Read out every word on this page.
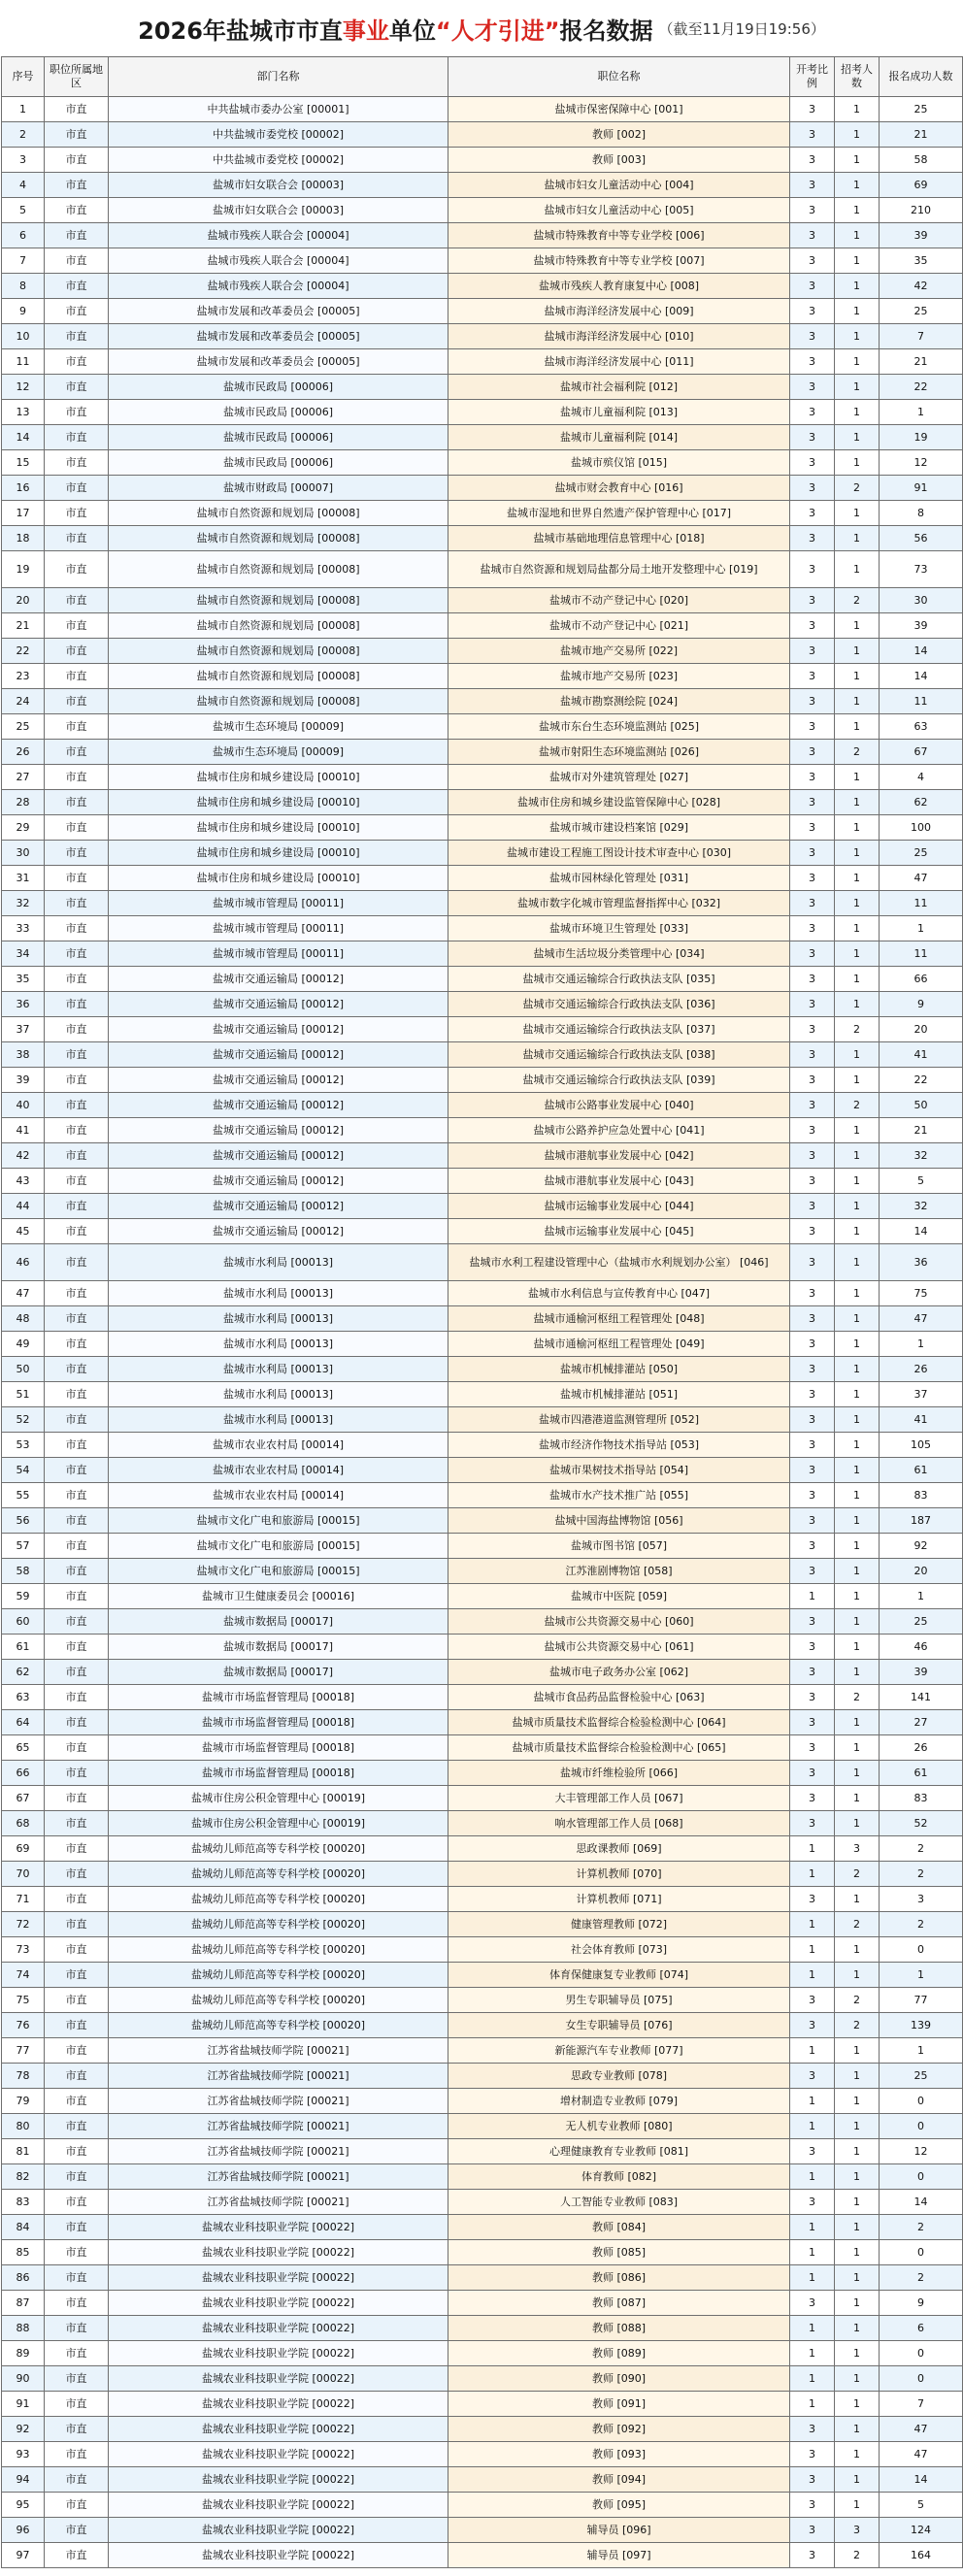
2026年盐城市市直 事业 单位 “人才引进” 报名数据 （截至11月19日19:56）
序号	职位所属地区	部门名称	职位名称	开考比例	招考人数	报名成功人数
1	市直	中共盐城市委办公室 [00001]	盐城市保密保障中心 [001]	3	1	25
2	市直	中共盐城市委党校 [00002]	教师 [002]	3	1	21
3	市直	中共盐城市委党校 [00002]	教师 [003]	3	1	58
4	市直	盐城市妇女联合会 [00003]	盐城市妇女儿童活动中心 [004]	3	1	69
5	市直	盐城市妇女联合会 [00003]	盐城市妇女儿童活动中心 [005]	3	1	210
6	市直	盐城市残疾人联合会 [00004]	盐城市特殊教育中等专业学校 [006]	3	1	39
7	市直	盐城市残疾人联合会 [00004]	盐城市特殊教育中等专业学校 [007]	3	1	35
8	市直	盐城市残疾人联合会 [00004]	盐城市残疾人教育康复中心 [008]	3	1	42
9	市直	盐城市发展和改革委员会 [00005]	盐城市海洋经济发展中心 [009]	3	1	25
10	市直	盐城市发展和改革委员会 [00005]	盐城市海洋经济发展中心 [010]	3	1	7
11	市直	盐城市发展和改革委员会 [00005]	盐城市海洋经济发展中心 [011]	3	1	21
12	市直	盐城市民政局 [00006]	盐城市社会福利院 [012]	3	1	22
13	市直	盐城市民政局 [00006]	盐城市儿童福利院 [013]	3	1	1
14	市直	盐城市民政局 [00006]	盐城市儿童福利院 [014]	3	1	19
15	市直	盐城市民政局 [00006]	盐城市殡仪馆 [015]	3	1	12
16	市直	盐城市财政局 [00007]	盐城市财会教育中心 [016]	3	2	91
17	市直	盐城市自然资源和规划局 [00008]	盐城市湿地和世界自然遗产保护管理中心 [017]	3	1	8
18	市直	盐城市自然资源和规划局 [00008]	盐城市基础地理信息管理中心 [018]	3	1	56
19	市直	盐城市自然资源和规划局 [00008]	盐城市自然资源和规划局盐都分局土地开发整理中心 [019]	3	1	73
20	市直	盐城市自然资源和规划局 [00008]	盐城市不动产登记中心 [020]	3	2	30
21	市直	盐城市自然资源和规划局 [00008]	盐城市不动产登记中心 [021]	3	1	39
22	市直	盐城市自然资源和规划局 [00008]	盐城市地产交易所 [022]	3	1	14
23	市直	盐城市自然资源和规划局 [00008]	盐城市地产交易所 [023]	3	1	14
24	市直	盐城市自然资源和规划局 [00008]	盐城市勘察测绘院 [024]	3	1	11
25	市直	盐城市生态环境局 [00009]	盐城市东台生态环境监测站 [025]	3	1	63
26	市直	盐城市生态环境局 [00009]	盐城市射阳生态环境监测站 [026]	3	2	67
27	市直	盐城市住房和城乡建设局 [00010]	盐城市对外建筑管理处 [027]	3	1	4
28	市直	盐城市住房和城乡建设局 [00010]	盐城市住房和城乡建设监管保障中心 [028]	3	1	62
29	市直	盐城市住房和城乡建设局 [00010]	盐城市城市建设档案馆 [029]	3	1	100
30	市直	盐城市住房和城乡建设局 [00010]	盐城市建设工程施工图设计技术审查中心 [030]	3	1	25
31	市直	盐城市住房和城乡建设局 [00010]	盐城市园林绿化管理处 [031]	3	1	47
32	市直	盐城市城市管理局 [00011]	盐城市数字化城市管理监督指挥中心 [032]	3	1	11
33	市直	盐城市城市管理局 [00011]	盐城市环境卫生管理处 [033]	3	1	1
34	市直	盐城市城市管理局 [00011]	盐城市生活垃圾分类管理中心 [034]	3	1	11
35	市直	盐城市交通运输局 [00012]	盐城市交通运输综合行政执法支队 [035]	3	1	66
36	市直	盐城市交通运输局 [00012]	盐城市交通运输综合行政执法支队 [036]	3	1	9
37	市直	盐城市交通运输局 [00012]	盐城市交通运输综合行政执法支队 [037]	3	2	20
38	市直	盐城市交通运输局 [00012]	盐城市交通运输综合行政执法支队 [038]	3	1	41
39	市直	盐城市交通运输局 [00012]	盐城市交通运输综合行政执法支队 [039]	3	1	22
40	市直	盐城市交通运输局 [00012]	盐城市公路事业发展中心 [040]	3	2	50
41	市直	盐城市交通运输局 [00012]	盐城市公路养护应急处置中心 [041]	3	1	21
42	市直	盐城市交通运输局 [00012]	盐城市港航事业发展中心 [042]	3	1	32
43	市直	盐城市交通运输局 [00012]	盐城市港航事业发展中心 [043]	3	1	5
44	市直	盐城市交通运输局 [00012]	盐城市运输事业发展中心 [044]	3	1	32
45	市直	盐城市交通运输局 [00012]	盐城市运输事业发展中心 [045]	3	1	14
46	市直	盐城市水利局 [00013]	盐城市水利工程建设管理中心（盐城市水利规划办公室） [046]	3	1	36
47	市直	盐城市水利局 [00013]	盐城市水利信息与宣传教育中心 [047]	3	1	75
48	市直	盐城市水利局 [00013]	盐城市通榆河枢纽工程管理处 [048]	3	1	47
49	市直	盐城市水利局 [00013]	盐城市通榆河枢纽工程管理处 [049]	3	1	1
50	市直	盐城市水利局 [00013]	盐城市机械排灌站 [050]	3	1	26
51	市直	盐城市水利局 [00013]	盐城市机械排灌站 [051]	3	1	37
52	市直	盐城市水利局 [00013]	盐城市四港港道监测管理所 [052]	3	1	41
53	市直	盐城市农业农村局 [00014]	盐城市经济作物技术指导站 [053]	3	1	105
54	市直	盐城市农业农村局 [00014]	盐城市果树技术指导站 [054]	3	1	61
55	市直	盐城市农业农村局 [00014]	盐城市水产技术推广站 [055]	3	1	83
56	市直	盐城市文化广电和旅游局 [00015]	盐城中国海盐博物馆 [056]	3	1	187
57	市直	盐城市文化广电和旅游局 [00015]	盐城市图书馆 [057]	3	1	92
58	市直	盐城市文化广电和旅游局 [00015]	江苏淮剧博物馆 [058]	3	1	20
59	市直	盐城市卫生健康委员会 [00016]	盐城市中医院 [059]	1	1	1
60	市直	盐城市数据局 [00017]	盐城市公共资源交易中心 [060]	3	1	25
61	市直	盐城市数据局 [00017]	盐城市公共资源交易中心 [061]	3	1	46
62	市直	盐城市数据局 [00017]	盐城市电子政务办公室 [062]	3	1	39
63	市直	盐城市市场监督管理局 [00018]	盐城市食品药品监督检验中心 [063]	3	2	141
64	市直	盐城市市场监督管理局 [00018]	盐城市质量技术监督综合检验检测中心 [064]	3	1	27
65	市直	盐城市市场监督管理局 [00018]	盐城市质量技术监督综合检验检测中心 [065]	3	1	26
66	市直	盐城市市场监督管理局 [00018]	盐城市纤维检验所 [066]	3	1	61
67	市直	盐城市住房公积金管理中心 [00019]	大丰管理部工作人员 [067]	3	1	83
68	市直	盐城市住房公积金管理中心 [00019]	响水管理部工作人员 [068]	3	1	52
69	市直	盐城幼儿师范高等专科学校 [00020]	思政课教师 [069]	1	3	2
70	市直	盐城幼儿师范高等专科学校 [00020]	计算机教师 [070]	1	2	2
71	市直	盐城幼儿师范高等专科学校 [00020]	计算机教师 [071]	3	1	3
72	市直	盐城幼儿师范高等专科学校 [00020]	健康管理教师 [072]	1	2	2
73	市直	盐城幼儿师范高等专科学校 [00020]	社会体育教师 [073]	1	1	0
74	市直	盐城幼儿师范高等专科学校 [00020]	体育保健康复专业教师 [074]	1	1	1
75	市直	盐城幼儿师范高等专科学校 [00020]	男生专职辅导员 [075]	3	2	77
76	市直	盐城幼儿师范高等专科学校 [00020]	女生专职辅导员 [076]	3	2	139
77	市直	江苏省盐城技师学院 [00021]	新能源汽车专业教师 [077]	1	1	1
78	市直	江苏省盐城技师学院 [00021]	思政专业教师 [078]	3	1	25
79	市直	江苏省盐城技师学院 [00021]	增材制造专业教师 [079]	1	1	0
80	市直	江苏省盐城技师学院 [00021]	无人机专业教师 [080]	1	1	0
81	市直	江苏省盐城技师学院 [00021]	心理健康教育专业教师 [081]	3	1	12
82	市直	江苏省盐城技师学院 [00021]	体育教师 [082]	1	1	0
83	市直	江苏省盐城技师学院 [00021]	人工智能专业教师 [083]	3	1	14
84	市直	盐城农业科技职业学院 [00022]	教师 [084]	1	1	2
85	市直	盐城农业科技职业学院 [00022]	教师 [085]	1	1	0
86	市直	盐城农业科技职业学院 [00022]	教师 [086]	1	1	2
87	市直	盐城农业科技职业学院 [00022]	教师 [087]	3	1	9
88	市直	盐城农业科技职业学院 [00022]	教师 [088]	1	1	6
89	市直	盐城农业科技职业学院 [00022]	教师 [089]	1	1	0
90	市直	盐城农业科技职业学院 [00022]	教师 [090]	1	1	0
91	市直	盐城农业科技职业学院 [00022]	教师 [091]	1	1	7
92	市直	盐城农业科技职业学院 [00022]	教师 [092]	3	1	47
93	市直	盐城农业科技职业学院 [00022]	教师 [093]	3	1	47
94	市直	盐城农业科技职业学院 [00022]	教师 [094]	3	1	14
95	市直	盐城农业科技职业学院 [00022]	教师 [095]	3	1	5
96	市直	盐城农业科技职业学院 [00022]	辅导员 [096]	3	3	124
97	市直	盐城农业科技职业学院 [00022]	辅导员 [097]	3	2	164
